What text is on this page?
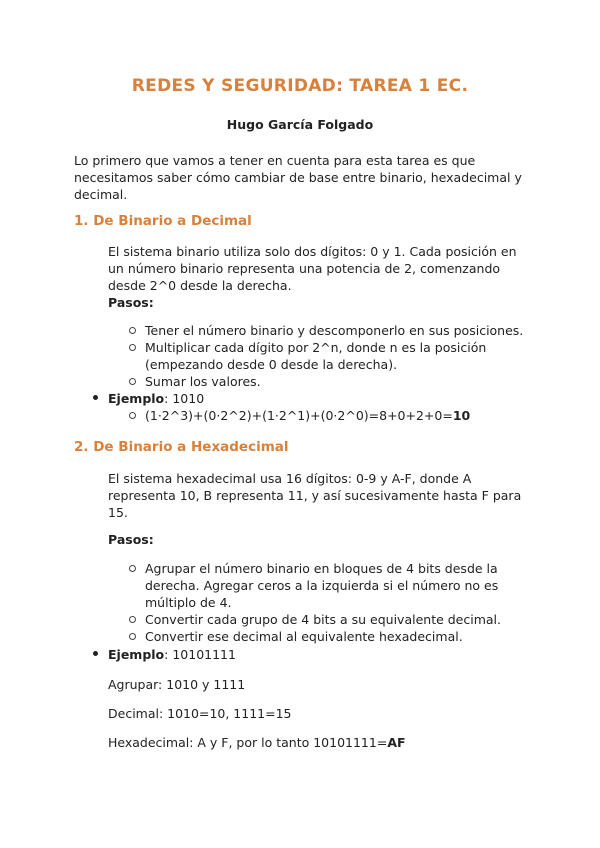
REDES Y SEGURIDAD: TAREA 1 EC.

Hugo García Folgado

Lo primero que vamos a tener en cuenta para esta tarea es que necesitamos saber cómo cambiar de base entre binario, hexadecimal y decimal.

1. De Binario a Decimal

El sistema binario utiliza solo dos dígitos: 0 y 1. Cada posición en un número binario representa una potencia de 2, comenzando desde 2^0 desde la derecha.

Pasos:

Tener el número binario y descomponerlo en sus posiciones.

Multiplicar cada dígito por 2^n, donde n es la posición (empezando desde 0 desde la derecha).

Sumar los valores.

Ejemplo: 1010

(1·2^3)+(0·2^2)+(1·2^1)+(0·2^0)=8+0+2+0=10

2. De Binario a Hexadecimal

El sistema hexadecimal usa 16 dígitos: 0-9 y A-F, donde A representa 10, B representa 11, y así sucesivamente hasta F para 15.

Pasos:

Agrupar el número binario en bloques de 4 bits desde la derecha. Agregar ceros a la izquierda si el número no es múltiplo de 4.

Convertir cada grupo de 4 bits a su equivalente decimal.

Convertir ese decimal al equivalente hexadecimal.

Ejemplo: 10101111

Agrupar: 1010 y 1111

Decimal: 1010=10, 1111=15

Hexadecimal: A y F, por lo tanto 10101111=AF
